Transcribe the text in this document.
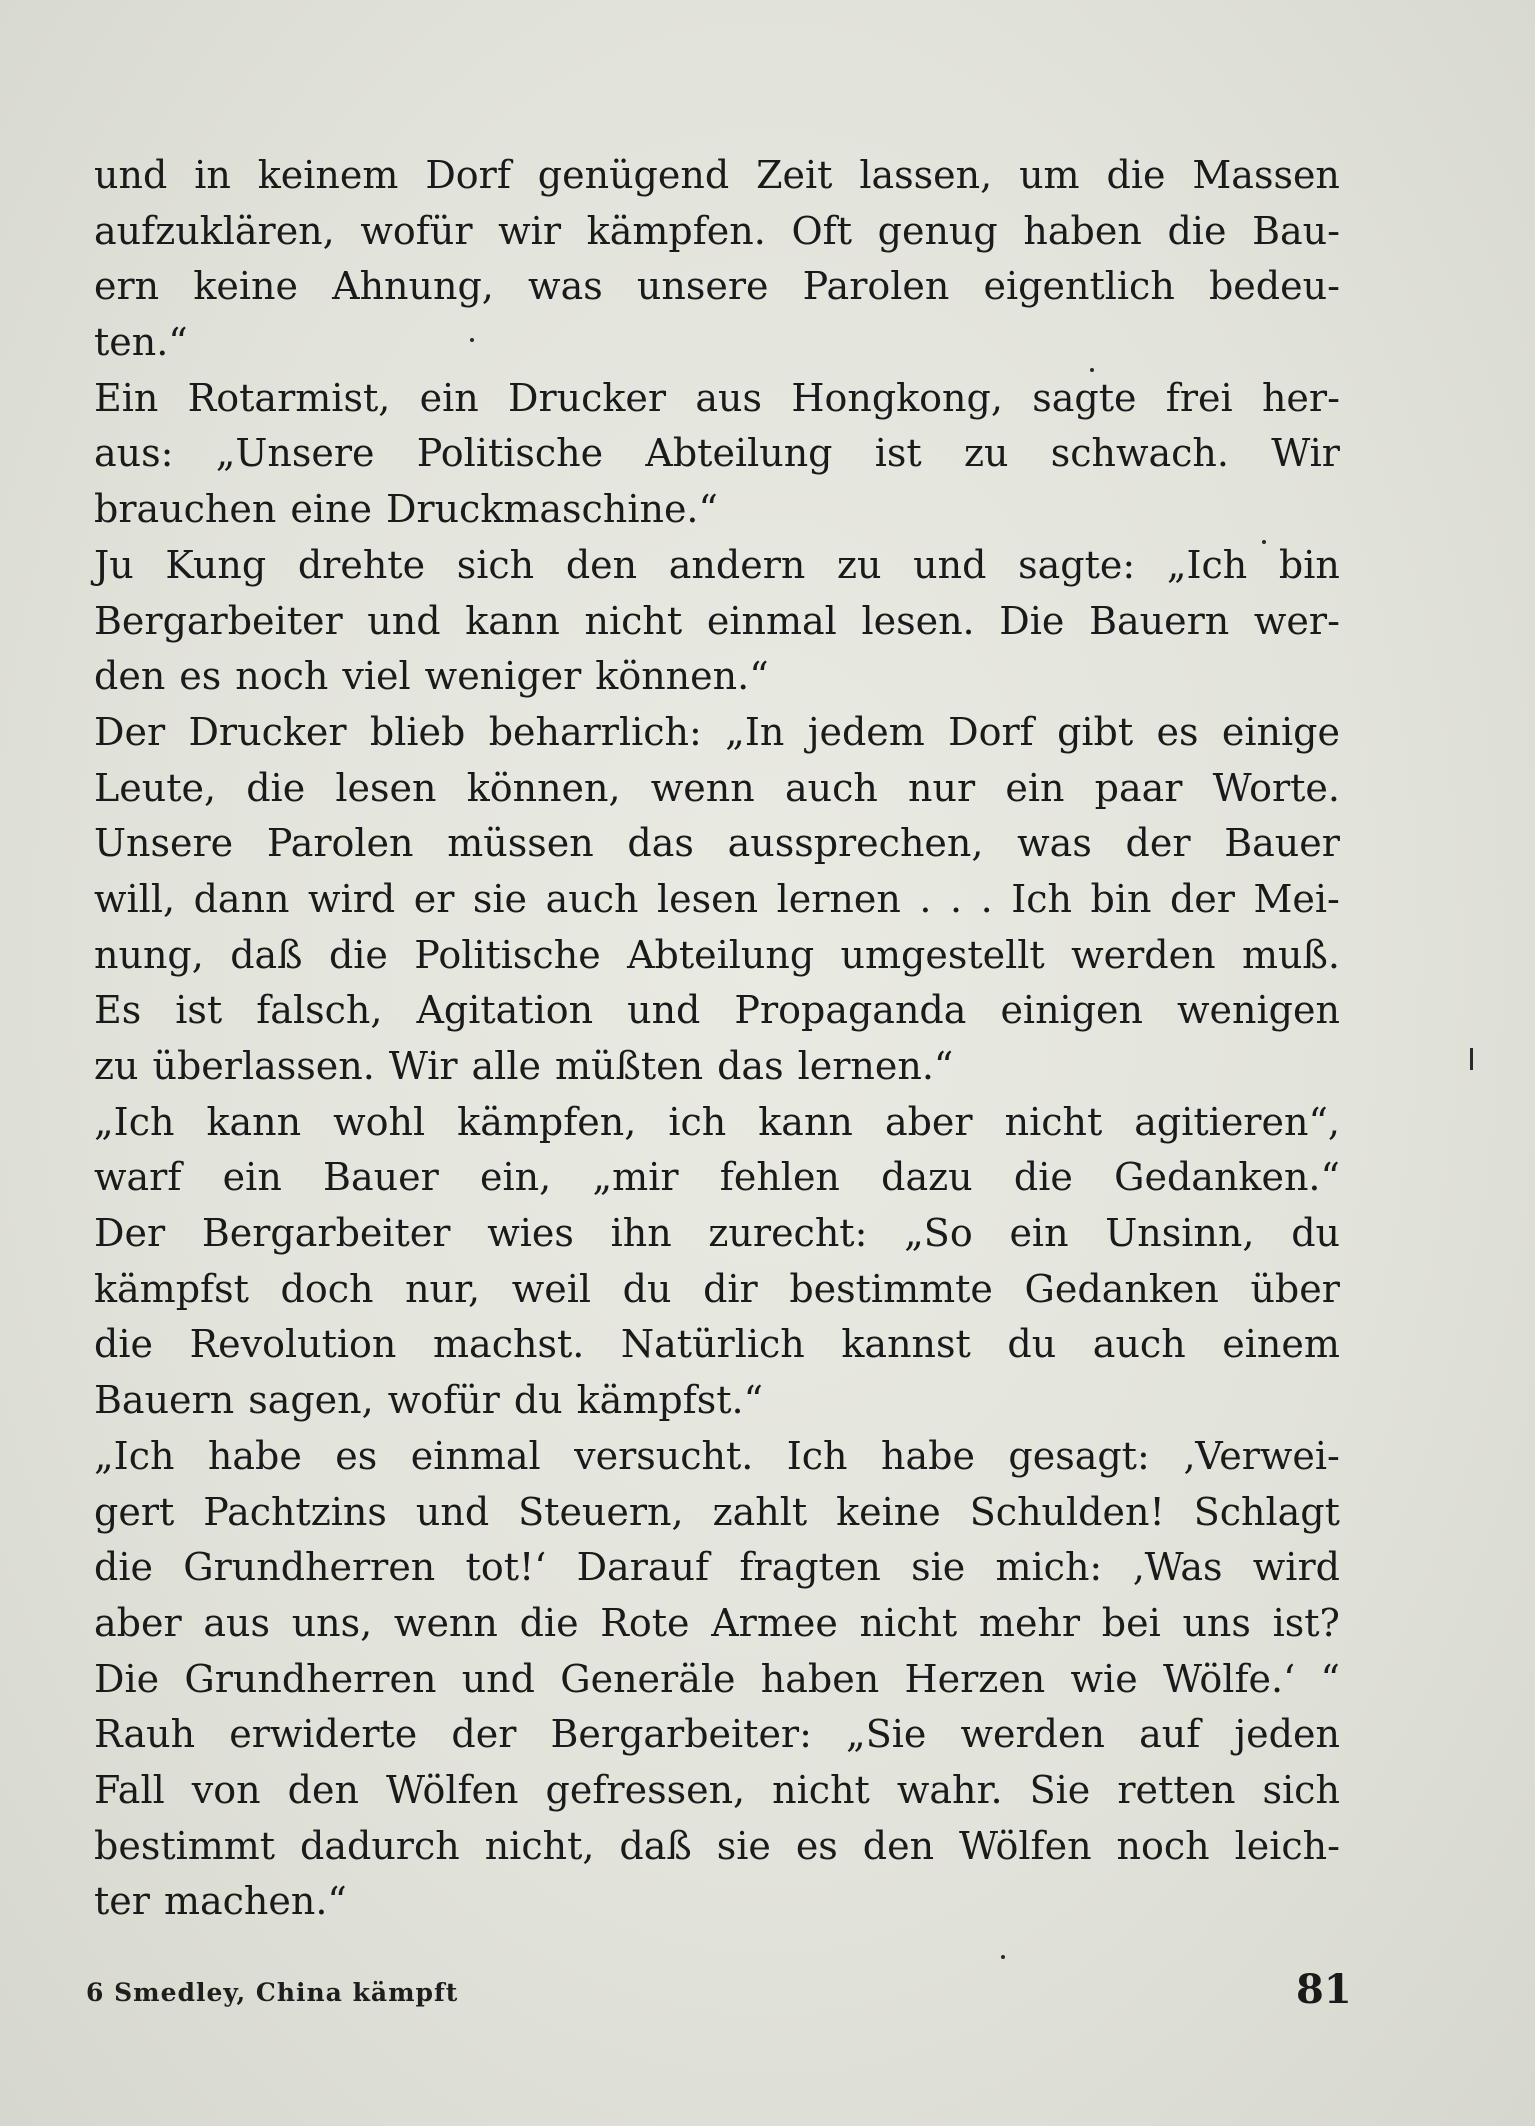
und in keinem Dorf genügend Zeit lassen, um die Massen
aufzuklären, wofür wir kämpfen. Oft genug haben die Bau-
ern keine Ahnung, was unsere Parolen eigentlich bedeu-
ten.“
Ein Rotarmist, ein Drucker aus Hongkong, sagte frei her-
aus: „Unsere Politische Abteilung ist zu schwach. Wir
brauchen eine Druckmaschine.“
Ju Kung drehte sich den andern zu und sagte: „Ich bin
Bergarbeiter und kann nicht einmal lesen. Die Bauern wer-
den es noch viel weniger können.“
Der Drucker blieb beharrlich: „In jedem Dorf gibt es einige
Leute, die lesen können, wenn auch nur ein paar Worte.
Unsere Parolen müssen das aussprechen, was der Bauer
will, dann wird er sie auch lesen lernen . . . Ich bin der Mei-
nung, daß die Politische Abteilung umgestellt werden muß.
Es ist falsch, Agitation und Propaganda einigen wenigen
zu überlassen. Wir alle müßten das lernen.“
„Ich kann wohl kämpfen, ich kann aber nicht agitieren“,
warf ein Bauer ein, „mir fehlen dazu die Gedanken.“
Der Bergarbeiter wies ihn zurecht: „So ein Unsinn, du
kämpfst doch nur, weil du dir bestimmte Gedanken über
die Revolution machst. Natürlich kannst du auch einem
Bauern sagen, wofür du kämpfst.“
„Ich habe es einmal versucht. Ich habe gesagt: ‚Verwei-
gert Pachtzins und Steuern, zahlt keine Schulden! Schlagt
die Grundherren tot!‘ Darauf fragten sie mich: ‚Was wird
aber aus uns, wenn die Rote Armee nicht mehr bei uns ist?
Die Grundherren und Generäle haben Herzen wie Wölfe.‘ “
Rauh erwiderte der Bergarbeiter: „Sie werden auf jeden
Fall von den Wölfen gefressen, nicht wahr. Sie retten sich
bestimmt dadurch nicht, daß sie es den Wölfen noch leich-
ter machen.“
6 Smedley, China kämpft	81
